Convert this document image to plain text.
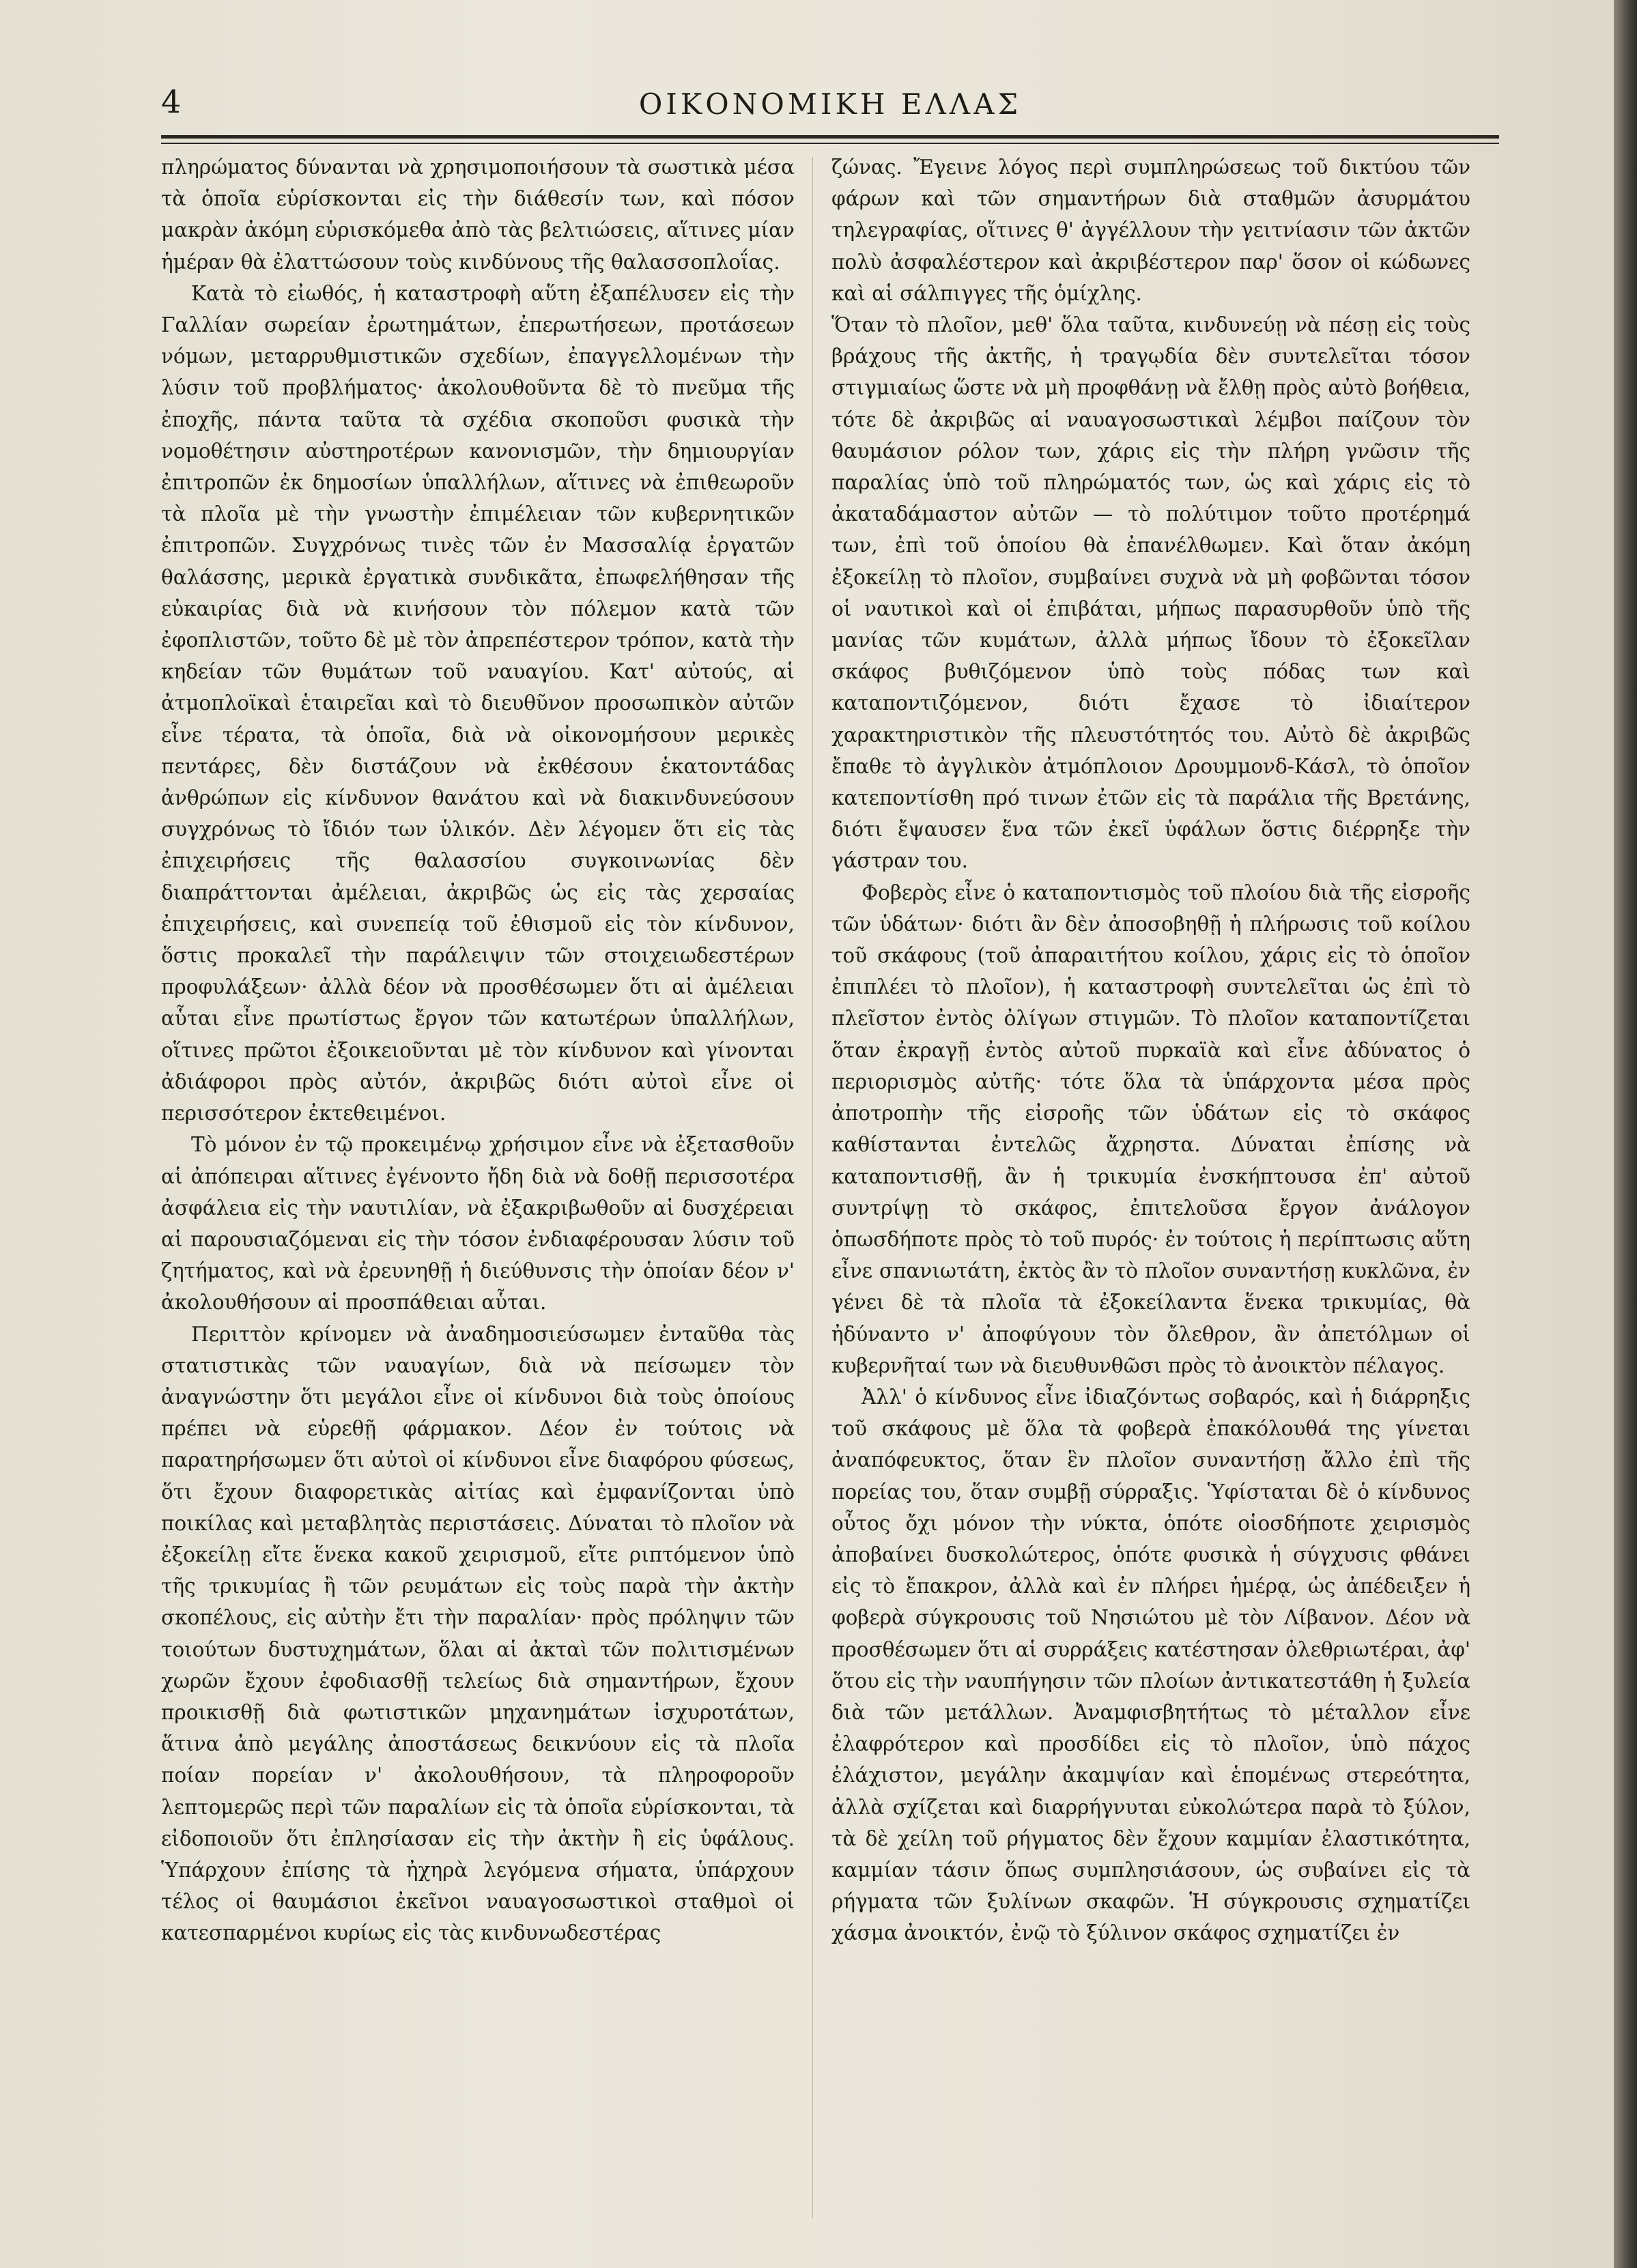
4	ΟΙΚΟΝΟΜΙΚΗ ΕΛΛΑΣ

πληρώματος δύνανται νὰ χρησιμοποιήσουν τὰ σωστικὰ μέσα τὰ ὁποῖα εὑρίσκονται εἰς τὴν διάθεσίν των, καὶ πόσον μακρὰν ἀκόμη εὑρισκόμεθα ἀπὸ τὰς βελτιώσεις, αἵτινες μίαν ἡμέραν θὰ ἐλαττώσουν τοὺς κινδύνους τῆς θαλασσοπλοΐας.

Κατὰ τὸ εἰωθός, ἡ καταστροφὴ αὕτη ἐξαπέλυσεν εἰς τὴν Γαλλίαν σωρείαν ἐρωτημάτων, ἐπερωτήσεων, προτάσεων νόμων, μεταρρυθμιστικῶν σχεδίων, ἐπαγγελλομένων τὴν λύσιν τοῦ προβλήματος· ἀκολουθοῦντα δὲ τὸ πνεῦμα τῆς ἐποχῆς, πάντα ταῦτα τὰ σχέδια σκοποῦσι φυσικὰ τὴν νομοθέτησιν αὐστηροτέρων κανονισμῶν, τὴν δημιουργίαν ἐπιτροπῶν ἐκ δημοσίων ὑπαλλήλων, αἵτινες νὰ ἐπιθεωροῦν τὰ πλοῖα μὲ τὴν γνωστὴν ἐπιμέλειαν τῶν κυβερνητικῶν ἐπιτροπῶν. Συγχρόνως τινὲς τῶν ἐν Μασσαλίᾳ ἐργατῶν θαλάσσης, μερικὰ ἐργατικὰ συνδικᾶτα, ἐπωφελήθησαν τῆς εὐκαιρίας διὰ νὰ κινήσουν τὸν πόλεμον κατὰ τῶν ἐφοπλιστῶν, τοῦτο δὲ μὲ τὸν ἀπρεπέστερον τρόπον, κατὰ τὴν κηδείαν τῶν θυμάτων τοῦ ναυαγίου. Κατ' αὐτούς, αἱ ἀτμοπλοϊκαὶ ἑταιρεῖαι καὶ τὸ διευθῦνον προσωπικὸν αὐτῶν εἶνε τέρατα, τὰ ὁποῖα, διὰ νὰ οἰκονομήσουν μερικὲς πεντάρες, δὲν διστάζουν νὰ ἐκθέσουν ἑκατοντάδας ἀνθρώπων εἰς κίνδυνον θανάτου καὶ νὰ διακινδυνεύσουν συγχρόνως τὸ ἴδιόν των ὑλικόν. Δὲν λέγομεν ὅτι εἰς τὰς ἐπιχειρήσεις τῆς θαλασσίου συγκοινωνίας δὲν διαπράττονται ἀμέλειαι, ἀκριβῶς ὡς εἰς τὰς χερσαίας ἐπιχειρήσεις, καὶ συνεπείᾳ τοῦ ἐθισμοῦ εἰς τὸν κίνδυνον, ὅστις προκαλεῖ τὴν παράλειψιν τῶν στοιχειωδεστέρων προφυλάξεων· ἀλλὰ δέον νὰ προσθέσωμεν ὅτι αἱ ἀμέλειαι αὗται εἶνε πρωτίστως ἔργον τῶν κατωτέρων ὑπαλλήλων, οἵτινες πρῶτοι ἐξοικειοῦνται μὲ τὸν κίνδυνον καὶ γίνονται ἀδιάφοροι πρὸς αὐτόν, ἀκριβῶς διότι αὐτοὶ εἶνε οἱ περισσότερον ἐκτεθειμένοι.

Τὸ μόνον ἐν τῷ προκειμένῳ χρήσιμον εἶνε νὰ ἐξετασθοῦν αἱ ἀπόπειραι αἵτινες ἐγένοντο ἤδη διὰ νὰ δοθῇ περισσοτέρα ἀσφάλεια εἰς τὴν ναυτιλίαν, νὰ ἐξακριβωθοῦν αἱ δυσχέρειαι αἱ παρουσιαζόμεναι εἰς τὴν τόσον ἐνδιαφέρουσαν λύσιν τοῦ ζητήματος, καὶ νὰ ἐρευνηθῇ ἡ διεύθυνσις τὴν ὁποίαν δέον ν' ἀκολουθήσουν αἱ προσπάθειαι αὗται.

Περιττὸν κρίνομεν νὰ ἀναδημοσιεύσωμεν ἐνταῦθα τὰς στατιστικὰς τῶν ναυαγίων, διὰ νὰ πείσωμεν τὸν ἀναγνώστην ὅτι μεγάλοι εἶνε οἱ κίνδυνοι διὰ τοὺς ὁποίους πρέπει νὰ εὑρεθῇ φάρμακον. Δέον ἐν τούτοις νὰ παρατηρήσωμεν ὅτι αὐτοὶ οἱ κίνδυνοι εἶνε διαφόρου φύσεως, ὅτι ἔχουν διαφορετικὰς αἰτίας καὶ ἐμφανίζονται ὑπὸ ποικίλας καὶ μεταβλητὰς περιστάσεις. Δύναται τὸ πλοῖον νὰ ἐξοκείλῃ εἴτε ἕνεκα κακοῦ χειρισμοῦ, εἴτε ριπτόμενον ὑπὸ τῆς τρικυμίας ἢ τῶν ρευμάτων εἰς τοὺς παρὰ τὴν ἀκτὴν σκοπέλους, εἰς αὐτὴν ἔτι τὴν παραλίαν· πρὸς πρόληψιν τῶν τοιούτων δυστυχημάτων, ὅλαι αἱ ἀκταὶ τῶν πολιτισμένων χωρῶν ἔχουν ἐφοδιασθῇ τελείως διὰ σημαντήρων, ἔχουν προικισθῇ διὰ φωτιστικῶν μηχανημάτων ἰσχυροτάτων, ἅτινα ἀπὸ μεγάλης ἀποστάσεως δεικνύουν εἰς τὰ πλοῖα ποίαν πορείαν ν' ἀκολουθήσουν, τὰ πληροφοροῦν λεπτομερῶς περὶ τῶν παραλίων εἰς τὰ ὁποῖα εὑρίσκονται, τὰ εἰδοποιοῦν ὅτι ἐπλησίασαν εἰς τὴν ἀκτὴν ἢ εἰς ὑφάλους. Ὑπάρχουν ἐπίσης τὰ ἠχηρὰ λεγόμενα σήματα, ὑπάρχουν τέλος οἱ θαυμάσιοι ἐκεῖνοι ναυαγοσωστικοὶ σταθμοὶ οἱ κατεσπαρμένοι κυρίως εἰς τὰς κινδυνωδεστέρας

ζώνας. Ἔγεινε λόγος περὶ συμπληρώσεως τοῦ δικτύου τῶν φάρων καὶ τῶν σημαντήρων διὰ σταθμῶν ἀσυρμάτου τηλεγραφίας, οἵτινες θ' ἀγγέλλουν τὴν γειτνίασιν τῶν ἀκτῶν πολὺ ἀσφαλέστερον καὶ ἀκριβέστερον παρ' ὅσον οἱ κώδωνες καὶ αἱ σάλπιγγες τῆς ὁμίχλης.

Ὅταν τὸ πλοῖον, μεθ' ὅλα ταῦτα, κινδυνεύῃ νὰ πέσῃ εἰς τοὺς βράχους τῆς ἀκτῆς, ἡ τραγῳδία δὲν συντελεῖται τόσον στιγμιαίως ὥστε νὰ μὴ προφθάνῃ νὰ ἔλθῃ πρὸς αὐτὸ βοήθεια, τότε δὲ ἀκριβῶς αἱ ναυαγοσωστικαὶ λέμβοι παίζουν τὸν θαυμάσιον ρόλον των, χάρις εἰς τὴν πλήρη γνῶσιν τῆς παραλίας ὑπὸ τοῦ πληρώματός των, ὡς καὶ χάρις εἰς τὸ ἀκαταδάμαστον αὐτῶν — τὸ πολύτιμον τοῦτο προτέρημά των, ἐπὶ τοῦ ὁποίου θὰ ἐπανέλθωμεν. Καὶ ὅταν ἀκόμη ἐξοκείλῃ τὸ πλοῖον, συμβαίνει συχνὰ νὰ μὴ φοβῶνται τόσον οἱ ναυτικοὶ καὶ οἱ ἐπιβάται, μήπως παρασυρθοῦν ὑπὸ τῆς μανίας τῶν κυμάτων, ἀλλὰ μήπως ἴδουν τὸ ἐξοκεῖλαν σκάφος βυθιζόμενον ὑπὸ τοὺς πόδας των καὶ καταποντιζόμενον, διότι ἔχασε τὸ ἰδιαίτερον χαρακτηριστικὸν τῆς πλευστότητός του. Αὐτὸ δὲ ἀκριβῶς ἔπαθε τὸ ἀγγλικὸν ἀτμόπλοιον Δρουμμονδ-Κάσλ, τὸ ὁποῖον κατεποντίσθη πρό τινων ἐτῶν εἰς τὰ παράλια τῆς Βρετάνης, διότι ἔψαυσεν ἕνα τῶν ἐκεῖ ὑφάλων ὅστις διέρρηξε τὴν γάστραν του.

Φοβερὸς εἶνε ὁ καταποντισμὸς τοῦ πλοίου διὰ τῆς εἰσροῆς τῶν ὑδάτων· διότι ἂν δὲν ἀποσοβηθῇ ἡ πλήρωσις τοῦ κοίλου τοῦ σκάφους (τοῦ ἀπαραιτήτου κοίλου, χάρις εἰς τὸ ὁποῖον ἐπιπλέει τὸ πλοῖον), ἡ καταστροφὴ συντελεῖται ὡς ἐπὶ τὸ πλεῖστον ἐντὸς ὀλίγων στιγμῶν. Τὸ πλοῖον καταποντίζεται ὅταν ἐκραγῇ ἐντὸς αὐτοῦ πυρκαϊὰ καὶ εἶνε ἀδύνατος ὁ περιορισμὸς αὐτῆς· τότε ὅλα τὰ ὑπάρχοντα μέσα πρὸς ἀποτροπὴν τῆς εἰσροῆς τῶν ὑδάτων εἰς τὸ σκάφος καθίστανται ἐντελῶς ἄχρηστα. Δύναται ἐπίσης νὰ καταποντισθῇ, ἂν ἡ τρικυμία ἐνσκήπτουσα ἐπ' αὐτοῦ συντρίψῃ τὸ σκάφος, ἐπιτελοῦσα ἔργον ἀνάλογον ὁπωσδήποτε πρὸς τὸ τοῦ πυρός· ἐν τούτοις ἡ περίπτωσις αὕτη εἶνε σπανιωτάτη, ἐκτὸς ἂν τὸ πλοῖον συναντήσῃ κυκλῶνα, ἐν γένει δὲ τὰ πλοῖα τὰ ἐξοκείλαντα ἕνεκα τρικυμίας, θὰ ἠδύναντο ν' ἀποφύγουν τὸν ὄλεθρον, ἂν ἀπετόλμων οἱ κυβερνῆταί των νὰ διευθυνθῶσι πρὸς τὸ ἀνοικτὸν πέλαγος.

Ἀλλ' ὁ κίνδυνος εἶνε ἰδιαζόντως σοβαρός, καὶ ἡ διάρρηξις τοῦ σκάφους μὲ ὅλα τὰ φοβερὰ ἐπακόλουθά της γίνεται ἀναπόφευκτος, ὅταν ἓν πλοῖον συναντήσῃ ἄλλο ἐπὶ τῆς πορείας του, ὅταν συμβῇ σύρραξις. Ὑφίσταται δὲ ὁ κίνδυνος οὗτος ὄχι μόνον τὴν νύκτα, ὁπότε οἱοσδήποτε χειρισμὸς ἀποβαίνει δυσκολώτερος, ὁπότε φυσικὰ ἡ σύγχυσις φθάνει εἰς τὸ ἔπακρον, ἀλλὰ καὶ ἐν πλήρει ἡμέρᾳ, ὡς ἀπέδειξεν ἡ φοβερὰ σύγκρουσις τοῦ Νησιώτου μὲ τὸν Λίβανον. Δέον νὰ προσθέσωμεν ὅτι αἱ συρράξεις κατέστησαν ὀλεθριωτέραι, ἀφ' ὅτου εἰς τὴν ναυπήγησιν τῶν πλοίων ἀντικατεστάθη ἡ ξυλεία διὰ τῶν μετάλλων. Ἀναμφισβητήτως τὸ μέταλλον εἶνε ἐλαφρότερον καὶ προσδίδει εἰς τὸ πλοῖον, ὑπὸ πάχος ἐλάχιστον, μεγάλην ἀκαμψίαν καὶ ἑπομένως στερεότητα, ἀλλὰ σχίζεται καὶ διαρρήγνυται εὐκολώτερα παρὰ τὸ ξύλον, τὰ δὲ χείλη τοῦ ρήγματος δὲν ἔχουν καμμίαν ἐλαστικότητα, καμμίαν τάσιν ὅπως συμπλησιάσουν, ὡς συβαίνει εἰς τὰ ρήγματα τῶν ξυλίνων σκαφῶν. Ἡ σύγκρουσις σχηματίζει χάσμα ἀνοικτόν, ἐνῷ τὸ ξύλινον σκάφος σχηματίζει ἐν
